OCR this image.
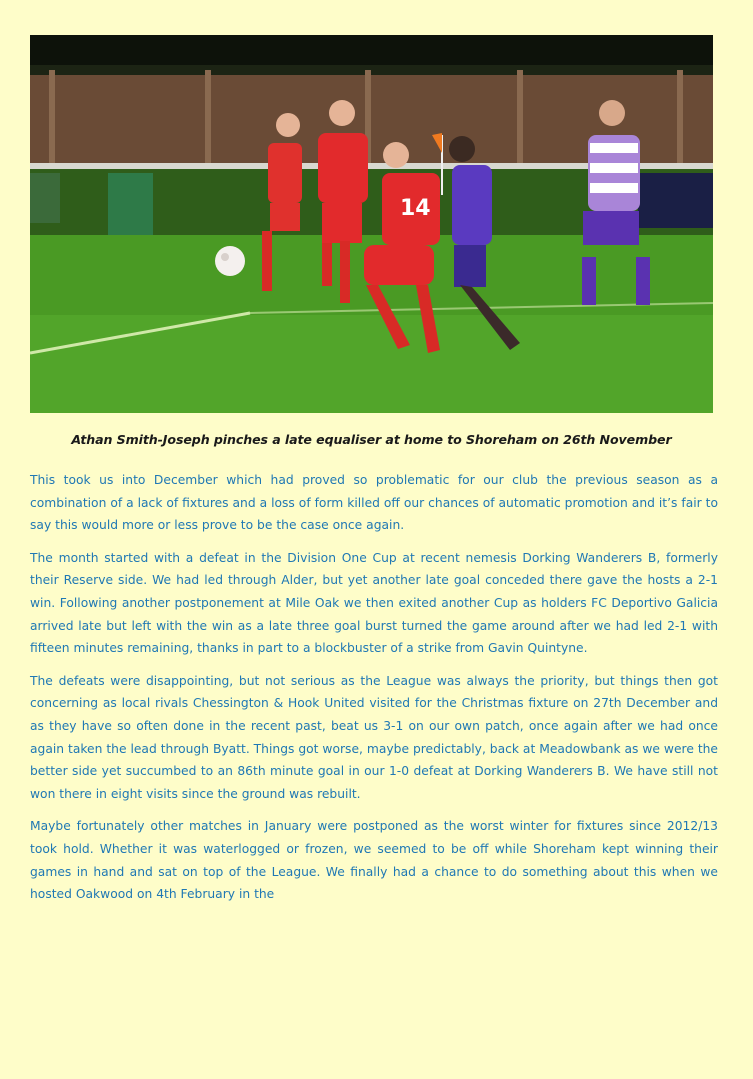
14
Athan Smith-Joseph pinches a late equaliser at home to Shoreham on 26th November

This took us into December which had proved so problematic for our club the previous season as a combination of a lack of fixtures and a loss of form killed off our chances of automatic promotion and it’s fair to say this would more or less prove to be the case once again.

The month started with a defeat in the Division One Cup at recent nemesis Dorking Wanderers B, formerly their Reserve side. We had led through Alder, but yet another late goal conceded there gave the hosts a 2-1 win. Following another postponement at Mile Oak we then exited another Cup as holders FC Deportivo Galicia arrived late but left with the win as a late three goal burst turned the game around after we had led 2-1 with fifteen minutes remaining, thanks in part to a blockbuster of a strike from Gavin Quintyne.

The defeats were disappointing, but not serious as the League was always the priority, but things then got concerning as local rivals Chessington & Hook United visited for the Christmas fixture on 27th December and as they have so often done in the recent past, beat us 3-1 on our own patch, once again after we had once again taken the lead through Byatt. Things got worse, maybe predictably, back at Meadowbank as we were the better side yet succumbed to an 86th minute goal in our 1-0 defeat at Dorking Wanderers B. We have still not won there in eight visits since the ground was rebuilt.

Maybe fortunately other matches in January were postponed as the worst winter for fixtures since 2012/13 took hold. Whether it was waterlogged or frozen, we seemed to be off while Shoreham kept winning their games in hand and sat on top of the League. We finally had a chance to do something about this when we hosted Oakwood on 4th February in the
